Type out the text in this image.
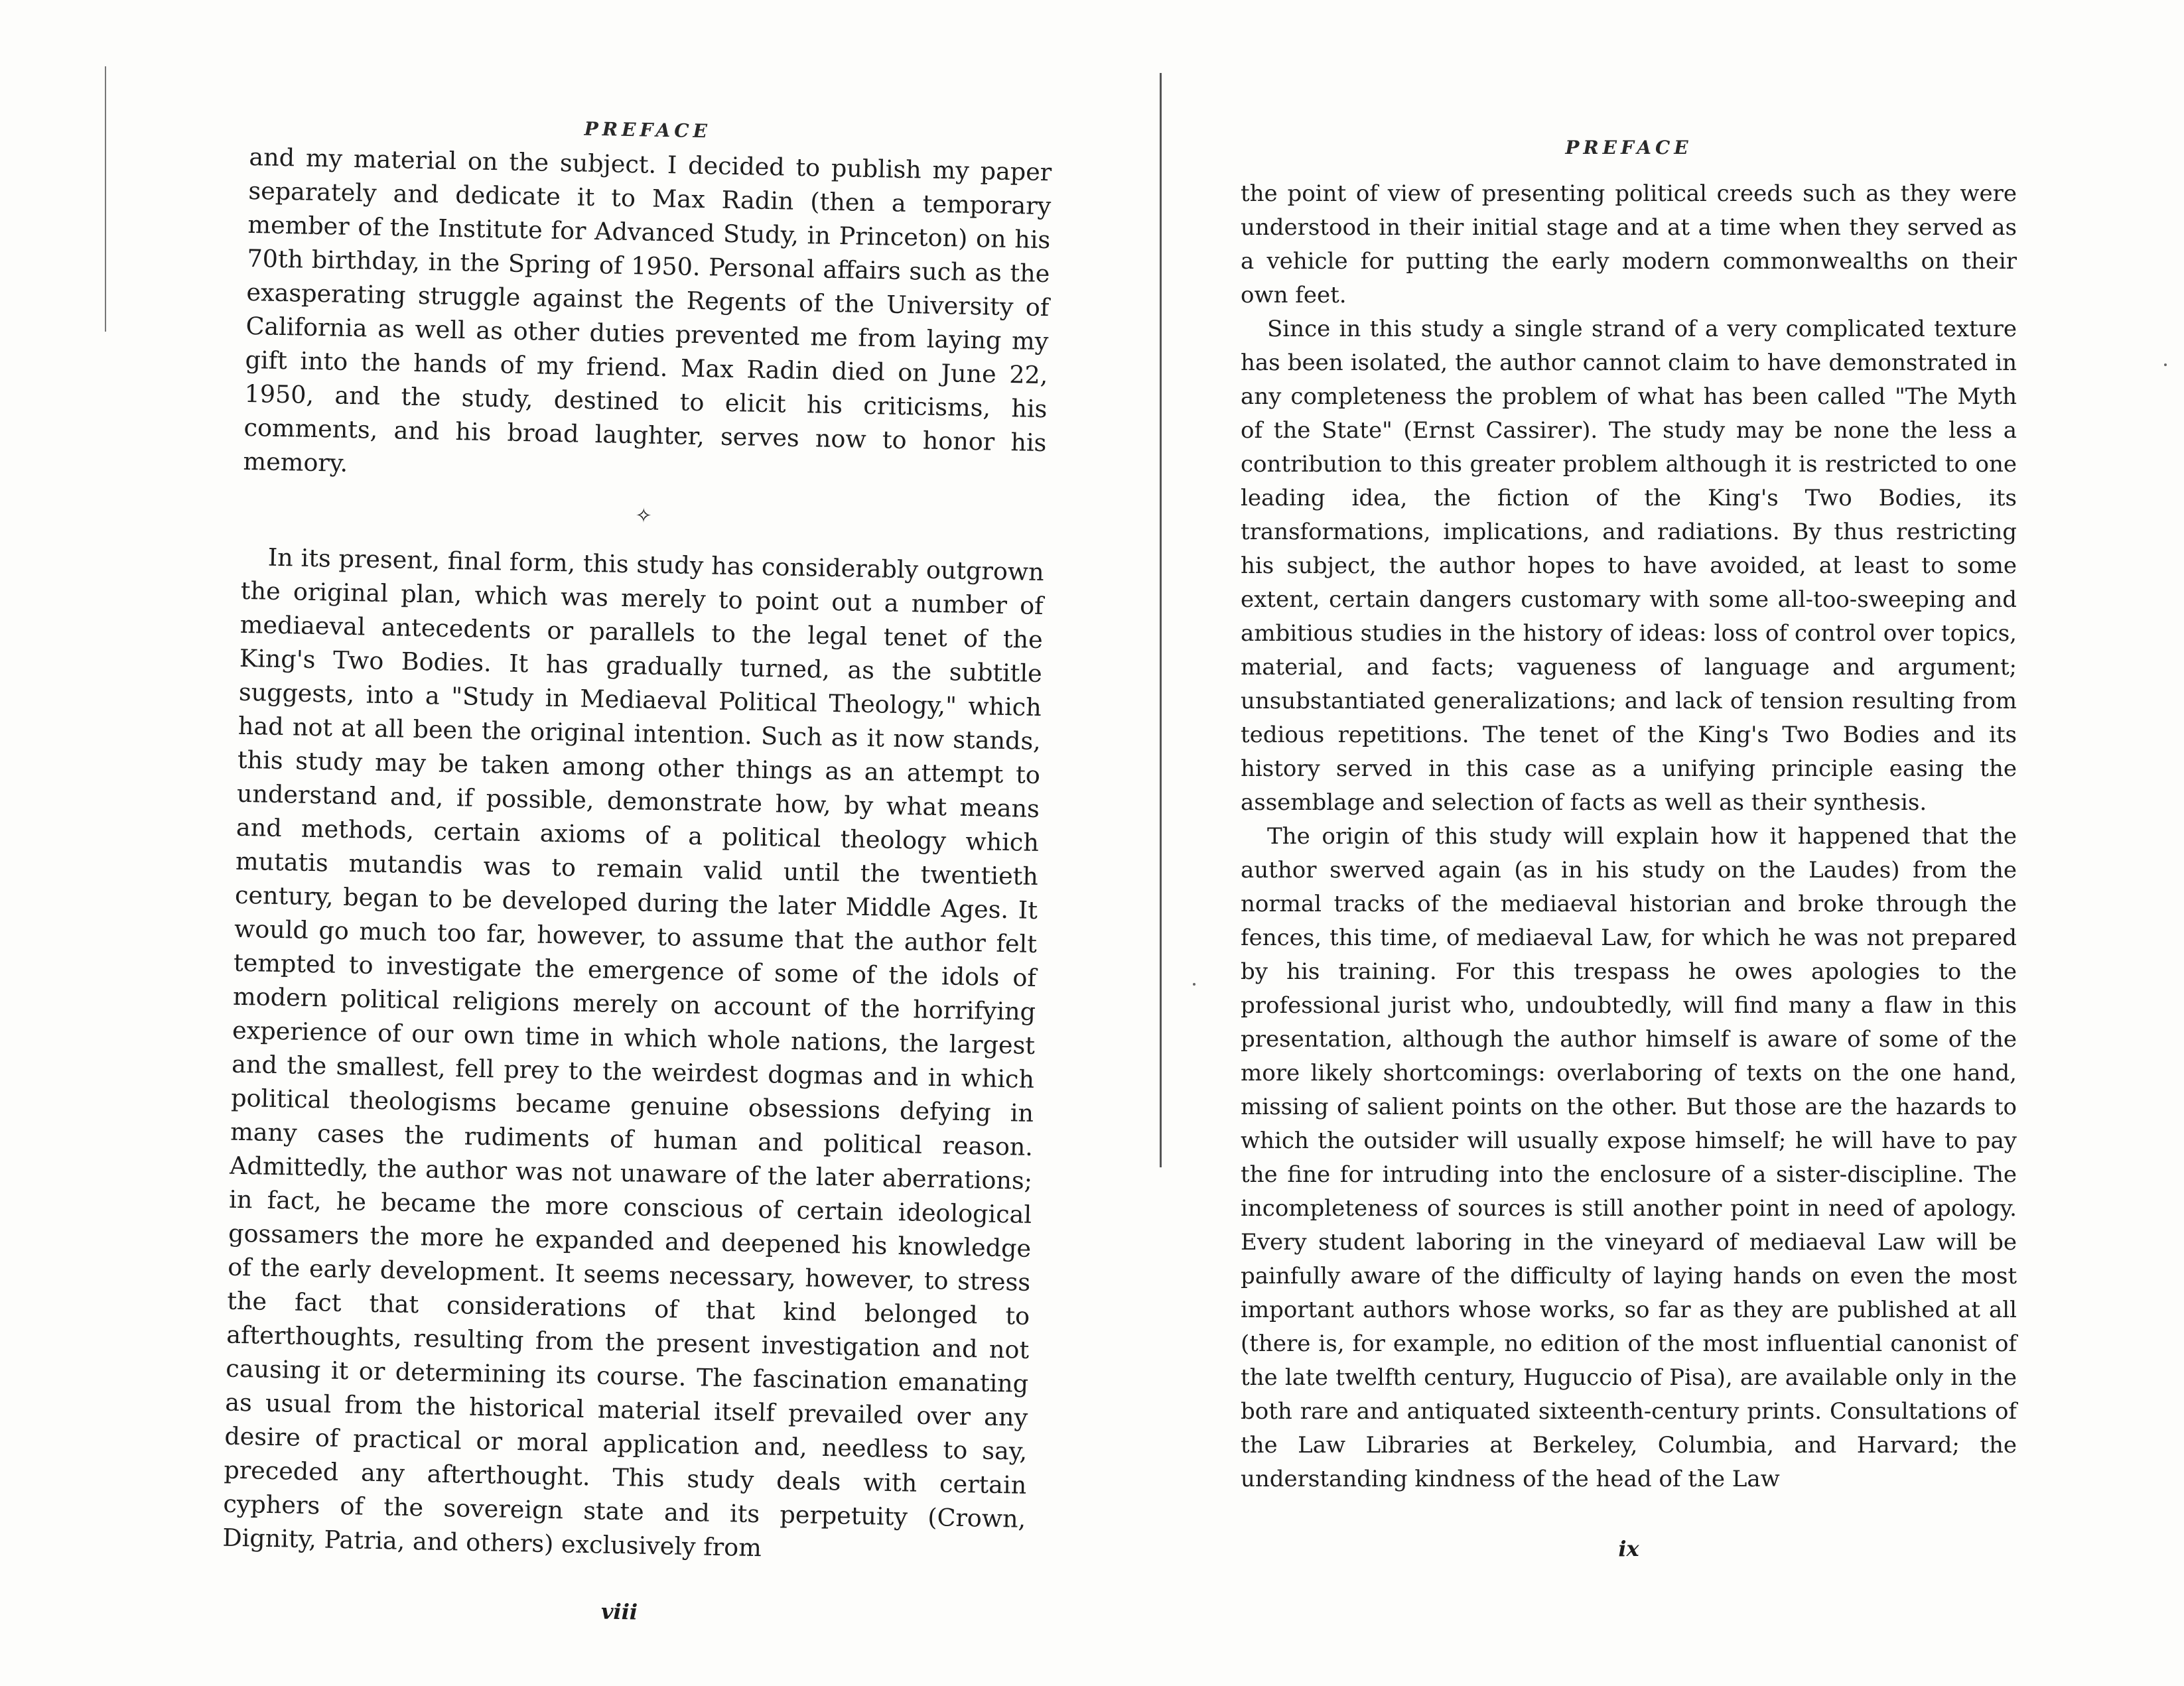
PREFACE

and my material on the subject. I decided to publish my paper separately and dedicate it to Max Radin (then a temporary member of the Institute for Advanced Study, in Princeton) on his 70th birthday, in the Spring of 1950. Personal affairs such as the exasperating struggle against the Regents of the University of California as well as other duties prevented me from laying my gift into the hands of my friend. Max Radin died on June 22, 1950, and the study, destined to elicit his criticisms, his comments, and his broad laughter, serves now to honor his memory.

✧

In its present, final form, this study has considerably outgrown the original plan, which was merely to point out a number of mediaeval antecedents or parallels to the legal tenet of the King's Two Bodies. It has gradually turned, as the subtitle suggests, into a "Study in Mediaeval Political Theology," which had not at all been the original intention. Such as it now stands, this study may be taken among other things as an attempt to understand and, if possible, demonstrate how, by what means and methods, certain axioms of a political theology which mutatis mutandis was to remain valid until the twentieth century, began to be developed during the later Middle Ages. It would go much too far, however, to assume that the author felt tempted to investigate the emergence of some of the idols of modern political religions merely on account of the horrifying experience of our own time in which whole nations, the largest and the smallest, fell prey to the weirdest dogmas and in which political theologisms became genuine obsessions defying in many cases the rudiments of human and political reason. Admittedly, the author was not unaware of the later aberrations; in fact, he became the more conscious of certain ideological gossamers the more he expanded and deepened his knowledge of the early development. It seems necessary, however, to stress the fact that considerations of that kind belonged to afterthoughts, resulting from the present investigation and not causing it or determining its course. The fascination emanating as usual from the historical material itself prevailed over any desire of practical or moral application and, needless to say, preceded any afterthought. This study deals with certain cyphers of the sovereign state and its perpetuity (Crown, Dignity, Patria, and others) exclusively from

viii
PREFACE

the point of view of presenting political creeds such as they were understood in their initial stage and at a time when they served as a vehicle for putting the early modern commonwealths on their own feet.

Since in this study a single strand of a very complicated texture has been isolated, the author cannot claim to have demonstrated in any completeness the problem of what has been called "The Myth of the State" (Ernst Cassirer). The study may be none the less a contribution to this greater problem although it is restricted to one leading idea, the fiction of the King's Two Bodies, its transformations, implications, and radiations. By thus restricting his subject, the author hopes to have avoided, at least to some extent, certain dangers customary with some all-too-sweeping and ambitious studies in the history of ideas: loss of control over topics, material, and facts; vagueness of language and argument; unsubstantiated generalizations; and lack of tension resulting from tedious repetitions. The tenet of the King's Two Bodies and its history served in this case as a unifying principle easing the assemblage and selection of facts as well as their synthesis.

The origin of this study will explain how it happened that the author swerved again (as in his study on the Laudes) from the normal tracks of the mediaeval historian and broke through the fences, this time, of mediaeval Law, for which he was not prepared by his training. For this trespass he owes apologies to the professional jurist who, undoubtedly, will find many a flaw in this presentation, although the author himself is aware of some of the more likely shortcomings: overlaboring of texts on the one hand, missing of salient points on the other. But those are the hazards to which the outsider will usually expose himself; he will have to pay the fine for intruding into the enclosure of a sister-discipline. The incompleteness of sources is still another point in need of apology. Every student laboring in the vineyard of mediaeval Law will be painfully aware of the difficulty of laying hands on even the most important authors whose works, so far as they are published at all (there is, for example, no edition of the most influential canonist of the late twelfth century, Huguccio of Pisa), are available only in the both rare and antiquated sixteenth-century prints. Consultations of the Law Libraries at Berkeley, Columbia, and Harvard; the understanding kindness of the head of the Law

ix
